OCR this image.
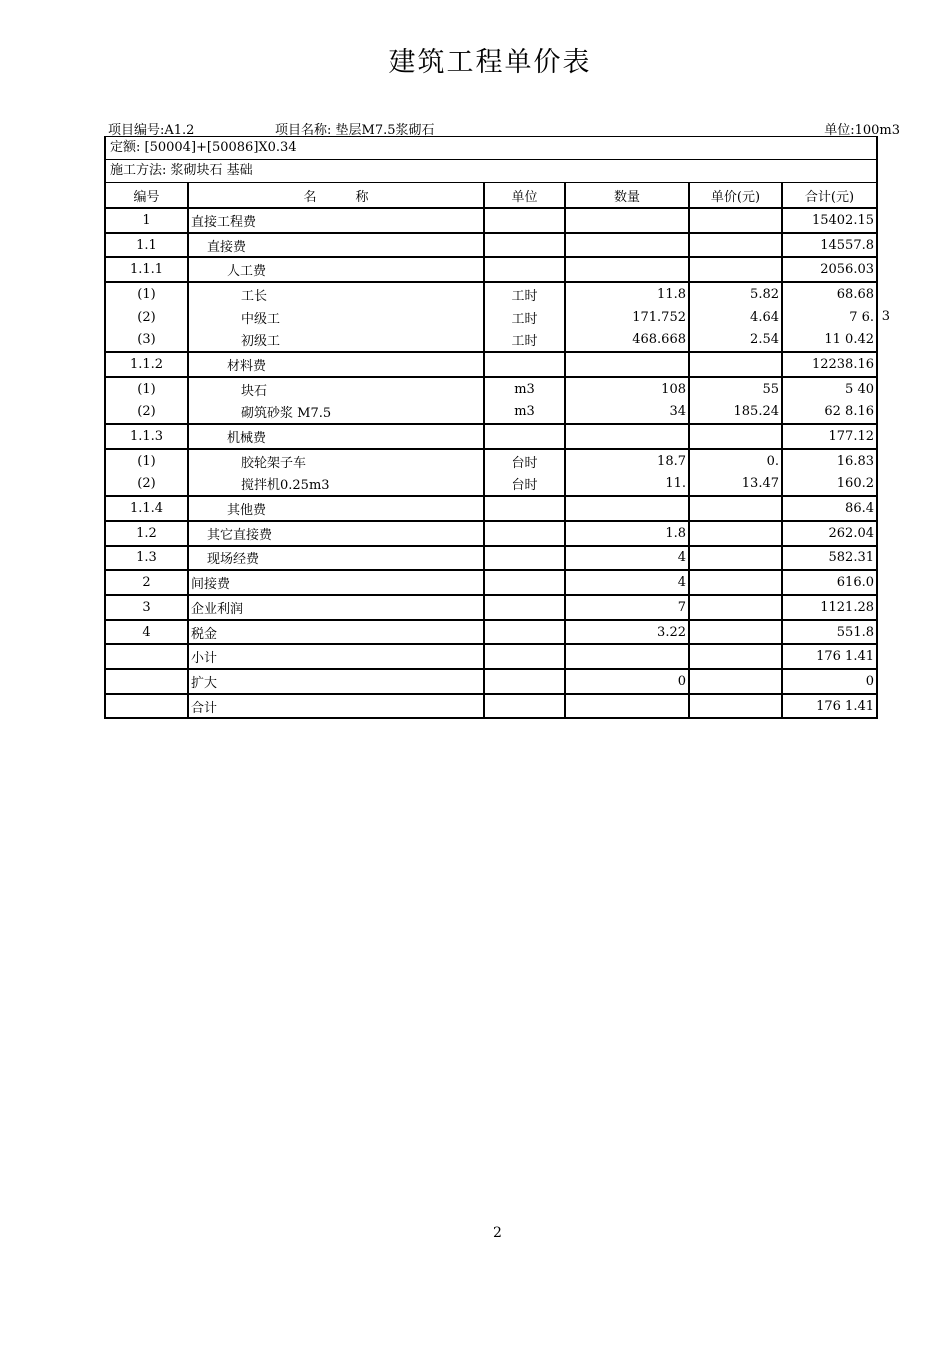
建筑工程单价表
项目编号:A1.2	项目名称: 垫层M7.5浆砌石	单位:100m3
定额: [50004]+[50086]X0.34
施工方法: 浆砌块石 基础
编号	名　　　称	单位	数量	单价(元)	合计(元)
1	直接工程费				15402.15
1.1	直接费				14557.8
1.1.1	人工费				2056.03
(1)	工长	工时	11.8	5.82	68.68
(2)	中级工	工时	171.752	4.64	7 6. 3

(3)	初级工	工时	468.668	2.54	11 0.42
1.1.2	材料费				12238.16
(1)	块石	m3	108	55	5 40
(2)	砌筑砂浆 M7.5	m3	34	185.24	62 8.16
1.1.3	机械费				177.12
(1)	胶轮架子车	台时	18.7	0.	16.83
(2)	搅拌机0.25m3	台时	11.	13.47	160.2
1.1.4	其他费				86.4
1.2	其它直接费		1.8		262.04
1.3	现场经费		4		582.31
2	间接费		4		616.0
3	企业利润		7		1121.28
4	税金		3.22		551.8
	小计				176 1.41
	扩大		0		0
	合计				176 1.41
2
